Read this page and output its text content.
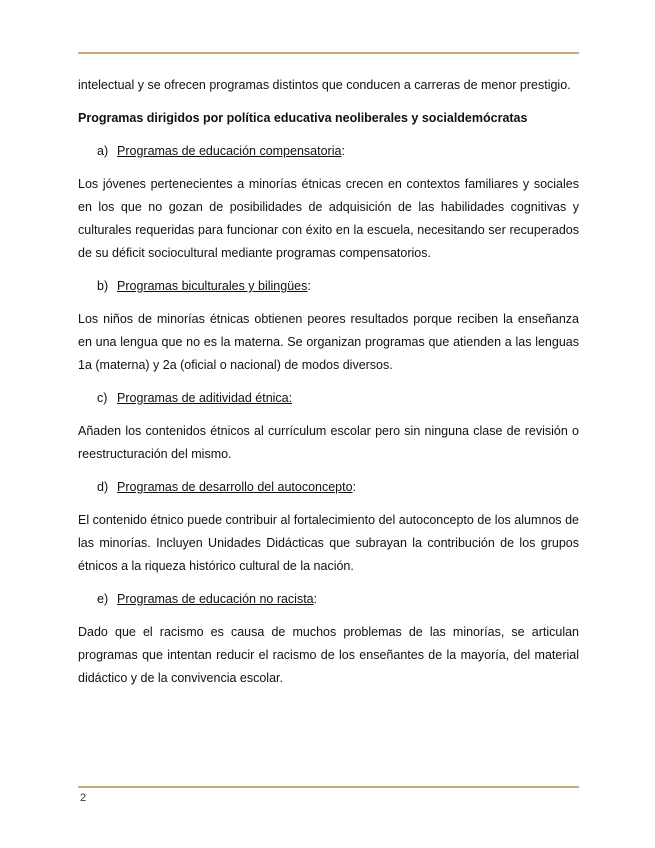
intelectual y se ofrecen programas distintos que conducen a carreras de menor prestigio.

Programas dirigidos por política educativa neoliberales y socialdemócratas

a) Programas de educación compensatoria:

Los jóvenes pertenecientes a minorías étnicas crecen en contextos familiares y sociales en los que no gozan de posibilidades de adquisición de las habilidades cognitivas y culturales requeridas para funcionar con éxito en la escuela, necesitando ser recuperados de su déficit sociocultural mediante programas compensatorios.

b) Programas biculturales y bilingües:

Los niños de minorías étnicas obtienen peores resultados porque reciben la enseñanza en una lengua que no es la materna. Se organizan programas que atienden a las lenguas 1a (materna) y 2a (oficial o nacional) de modos diversos.

c) Programas de aditividad étnica:

Añaden los contenidos étnicos al currículum escolar pero sin ninguna clase de revisión o reestructuración del mismo.

d) Programas de desarrollo del autoconcepto:

El contenido étnico puede contribuir al fortalecimiento del autoconcepto de los alumnos de las minorías. Incluyen Unidades Didácticas que subrayan la contribución de los grupos étnicos a la riqueza histórico cultural de la nación.

e) Programas de educación no racista:

Dado que el racismo es causa de muchos problemas de las minorías, se articulan programas que intentan reducir el racismo de los enseñantes de la mayoría, del material didáctico y de la convivencia escolar.

2
